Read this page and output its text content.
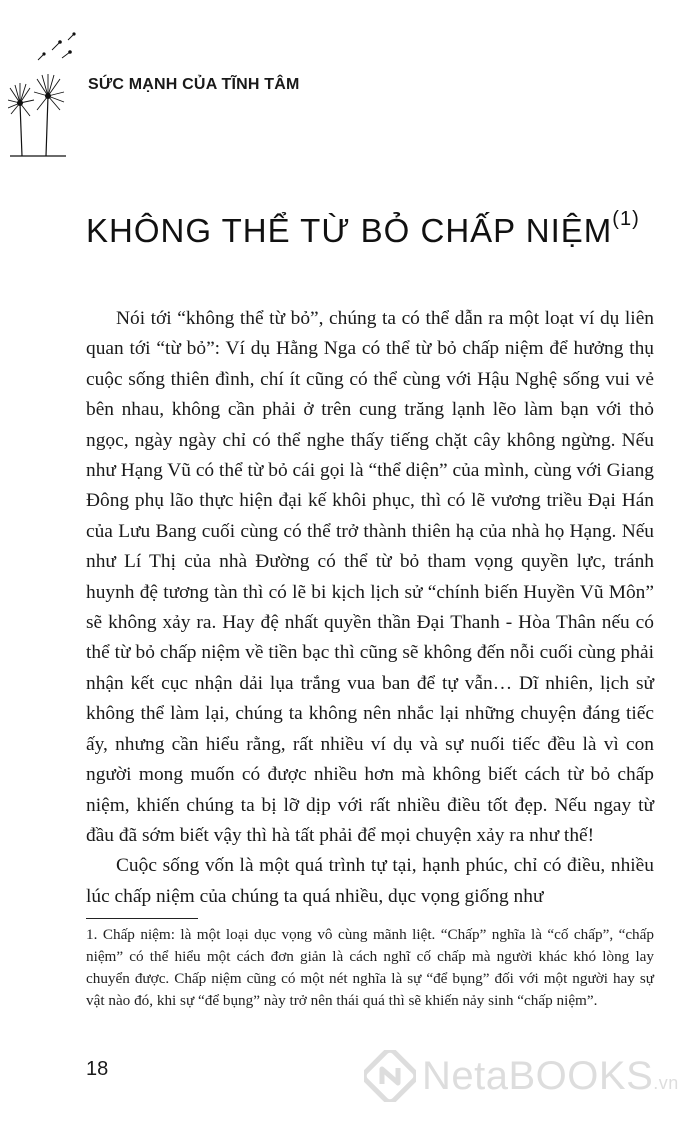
SỨC MẠNH CỦA TĨNH TÂM
KHÔNG THỂ TỪ BỎ CHẤP NIỆM$^{(1)}$

Nói tới “không thể từ bỏ”, chúng ta có thể dẫn ra một loạt ví dụ liên quan tới “từ bỏ”: Ví dụ Hằng Nga có thể từ bỏ chấp niệm để hưởng thụ cuộc sống thiên đình, chí ít cũng có thể cùng với Hậu Nghệ sống vui vẻ bên nhau, không cần phải ở trên cung trăng lạnh lẽo làm bạn với thỏ ngọc, ngày ngày chỉ có thể nghe thấy tiếng chặt cây không ngừng. Nếu như Hạng Vũ có thể từ bỏ cái gọi là “thể diện” của mình, cùng với Giang Đông phụ lão thực hiện đại kế khôi phục, thì có lẽ vương triều Đại Hán của Lưu Bang cuối cùng có thể trở thành thiên hạ của nhà họ Hạng. Nếu như Lí Thị của nhà Đường có thể từ bỏ tham vọng quyền lực, tránh huynh đệ tương tàn thì có lẽ bi kịch lịch sử “chính biến Huyền Vũ Môn” sẽ không xảy ra. Hay đệ nhất quyền thần Đại Thanh - Hòa Thân nếu có thể từ bỏ chấp niệm về tiền bạc thì cũng sẽ không đến nỗi cuối cùng phải nhận kết cục nhận dải lụa trắng vua ban để tự vẫn… Dĩ nhiên, lịch sử không thể làm lại, chúng ta không nên nhắc lại những chuyện đáng tiếc ấy, nhưng cần hiểu rằng, rất nhiều ví dụ và sự nuối tiếc đều là vì con người mong muốn có được nhiều hơn mà không biết cách từ bỏ chấp niệm, khiến chúng ta bị lỡ dịp với rất nhiều điều tốt đẹp. Nếu ngay từ đầu đã sớm biết vậy thì hà tất phải để mọi chuyện xảy ra như thế!

Cuộc sống vốn là một quá trình tự tại, hạnh phúc, chỉ có điều, nhiều lúc chấp niệm của chúng ta quá nhiều, dục vọng giống như

1. Chấp niệm: là một loại dục vọng vô cùng mãnh liệt. “Chấp” nghĩa là “cố chấp”, “chấp niệm” có thể hiểu một cách đơn giản là cách nghĩ cố chấp mà người khác khó lòng lay chuyển được. Chấp niệm cũng có một nét nghĩa là sự “để bụng” đối với một người hay sự vật nào đó, khi sự “để bụng” này trở nên thái quá thì sẽ khiến nảy sinh “chấp niệm”.
18	NetaBOOKS.vn
